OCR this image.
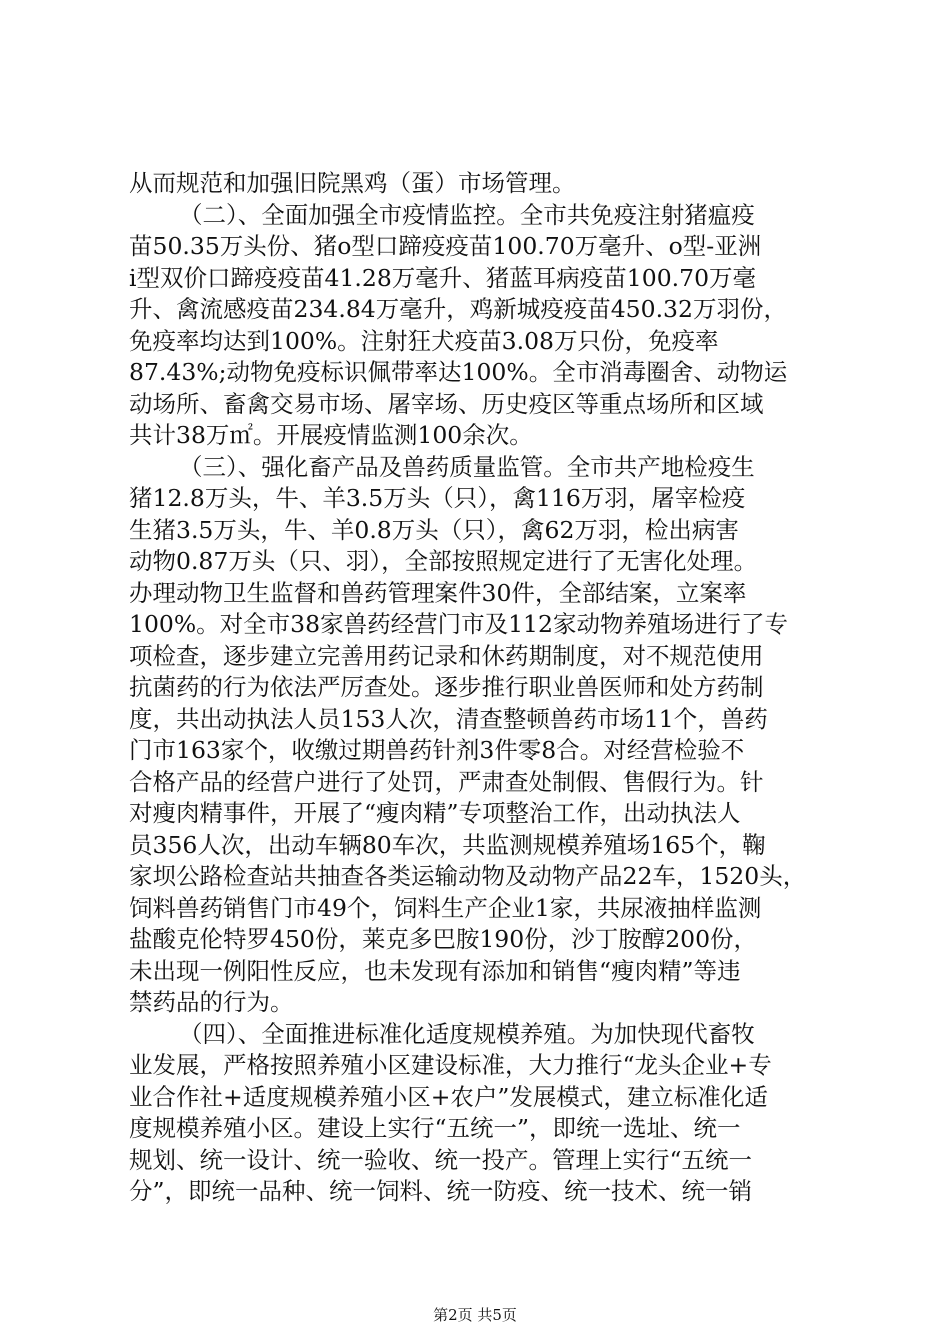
从而规范和加强旧院黑鸡（蛋）市场管理。
（二）、全面加强全市疫情监控。全市共免疫注射猪瘟疫
苗50.35万头份、猪o型口蹄疫疫苗100.70万毫升、o型-亚洲
i型双价口蹄疫疫苗41.28万毫升、猪蓝耳病疫苗100.70万毫
升、禽流感疫苗234.84万毫升，鸡新城疫疫苗450.32万羽份，
免疫率均达到100%。注射狂犬疫苗3.08万只份，免疫率
87.43%;动物免疫标识佩带率达100%。全市消毒圈舍、动物运
动场所、畜禽交易市场、屠宰场、历史疫区等重点场所和区域
共计38万㎡。开展疫情监测100余次。
（三）、强化畜产品及兽药质量监管。全市共产地检疫生
猪12.8万头，牛、羊3.5万头（只），禽116万羽，屠宰检疫
生猪3.5万头，牛、羊0.8万头（只），禽62万羽，检出病害
动物0.87万头（只、羽），全部按照规定进行了无害化处理。
办理动物卫生监督和兽药管理案件30件，全部结案，立案率
100%。对全市38家兽药经营门市及112家动物养殖场进行了专
项检查，逐步建立完善用药记录和休药期制度，对不规范使用
抗菌药的行为依法严厉查处。逐步推行职业兽医师和处方药制
度，共出动执法人员153人次，清查整顿兽药市场11个，兽药
门市163家个，收缴过期兽药针剂3件零8合。对经营检验不
合格产品的经营户进行了处罚，严肃查处制假、售假行为。针
对瘦肉精事件，开展了“瘦肉精”专项整治工作，出动执法人
员356人次，出动车辆80车次，共监测规模养殖场165个，鞠
家坝公路检查站共抽查各类运输动物及动物产品22车，1520头，
饲料兽药销售门市49个，饲料生产企业1家，共尿液抽样监测
盐酸克伦特罗450份，莱克多巴胺190份，沙丁胺醇200份，
未出现一例阳性反应，也未发现有添加和销售“瘦肉精”等违
禁药品的行为。
（四）、全面推进标准化适度规模养殖。为加快现代畜牧
业发展，严格按照养殖小区建设标准，大力推行“龙头企业+专
业合作社+适度规模养殖小区+农户”发展模式，建立标准化适
度规模养殖小区。建设上实行“五统一”，即统一选址、统一
规划、统一设计、统一验收、统一投产。管理上实行“五统一
分”，即统一品种、统一饲料、统一防疫、统一技术、统一销
第2页 共5页
